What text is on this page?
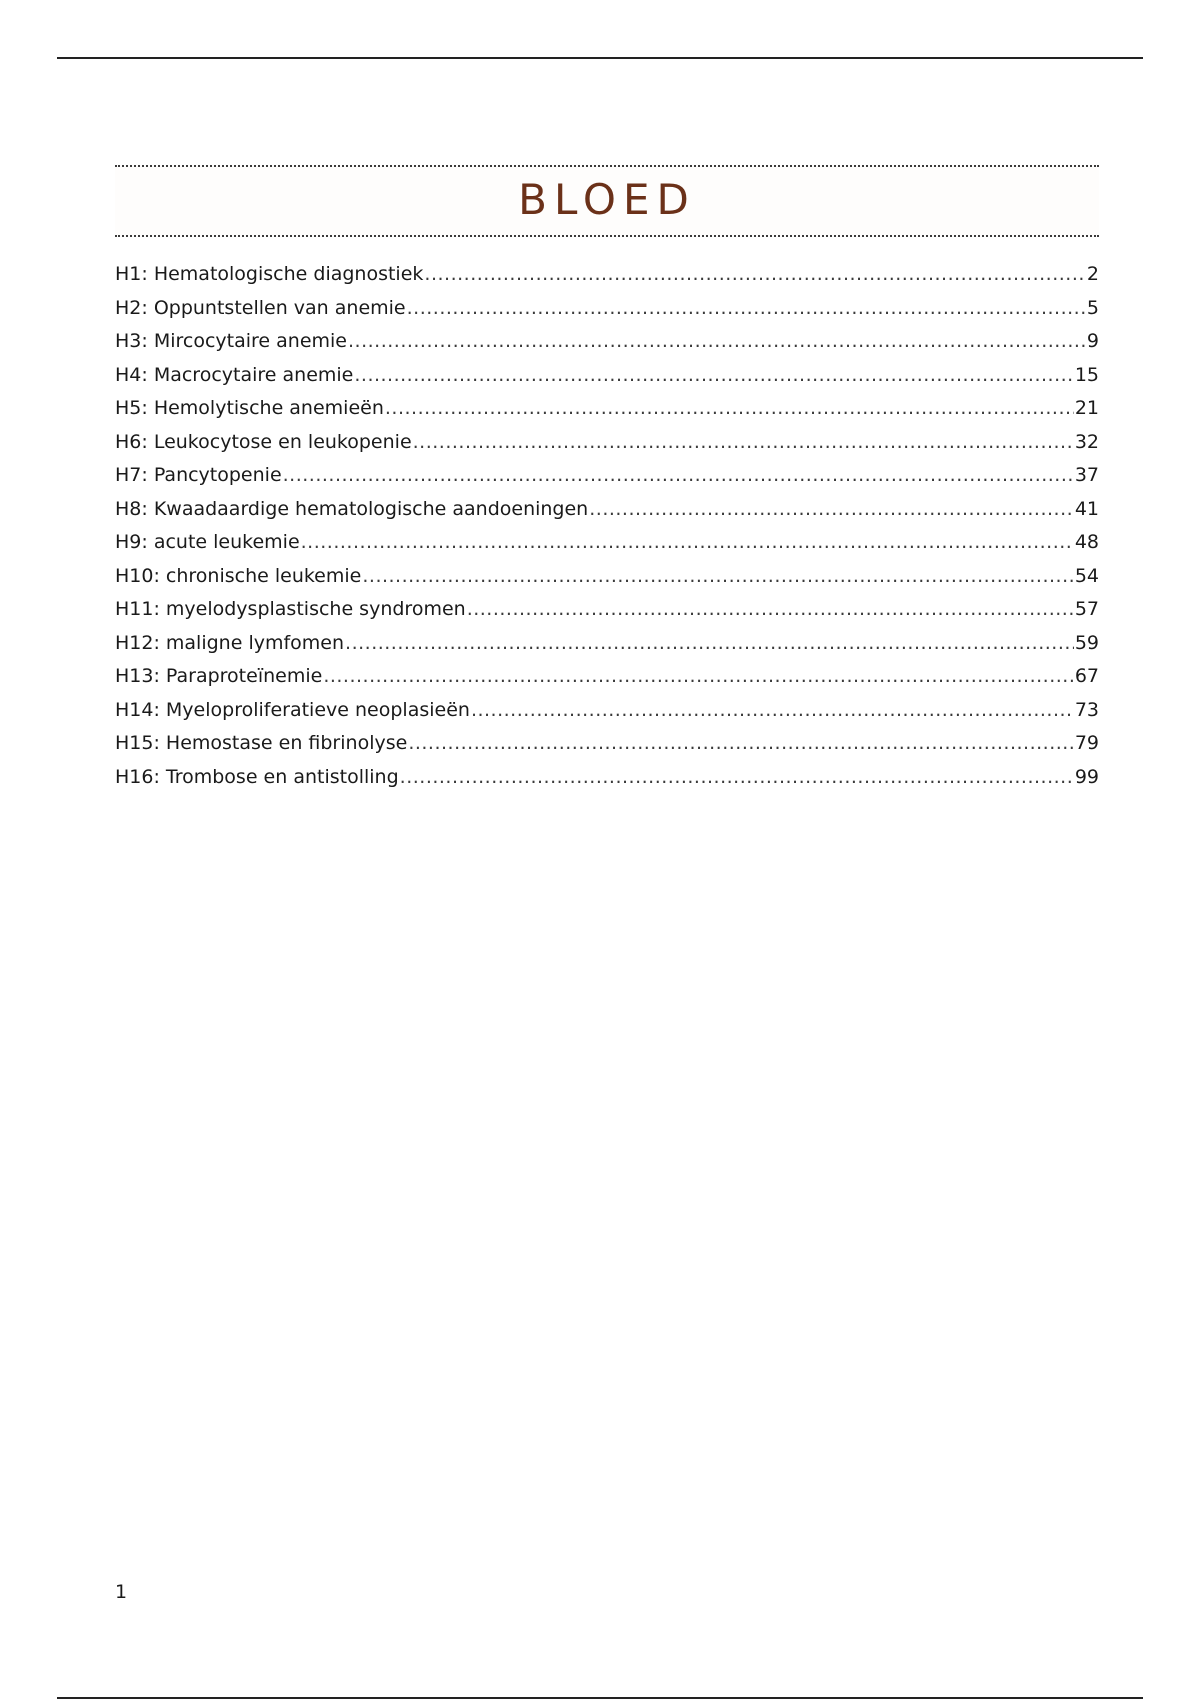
BLOED
H1: Hematologische diagnostiek .....	2
H2: Oppuntstellen van anemie .....	5
H3: Mircocytaire anemie .....	9
H4: Macrocytaire anemie .....	15
H5: Hemolytische anemieën .....	21
H6: Leukocytose en leukopenie .....	32
H7: Pancytopenie .....	37
H8: Kwaadaardige hematologische aandoeningen .....	41
H9: acute leukemie .....	48
H10: chronische leukemie .....	54
H11: myelodysplastische syndromen .....	57
H12: maligne lymfomen .....	59
H13: Paraproteïnemie .....	67
H14: Myeloproliferatieve neoplasieën .....	73
H15: Hemostase en fibrinolyse .....	79
H16: Trombose en antistolling .....	99
1
